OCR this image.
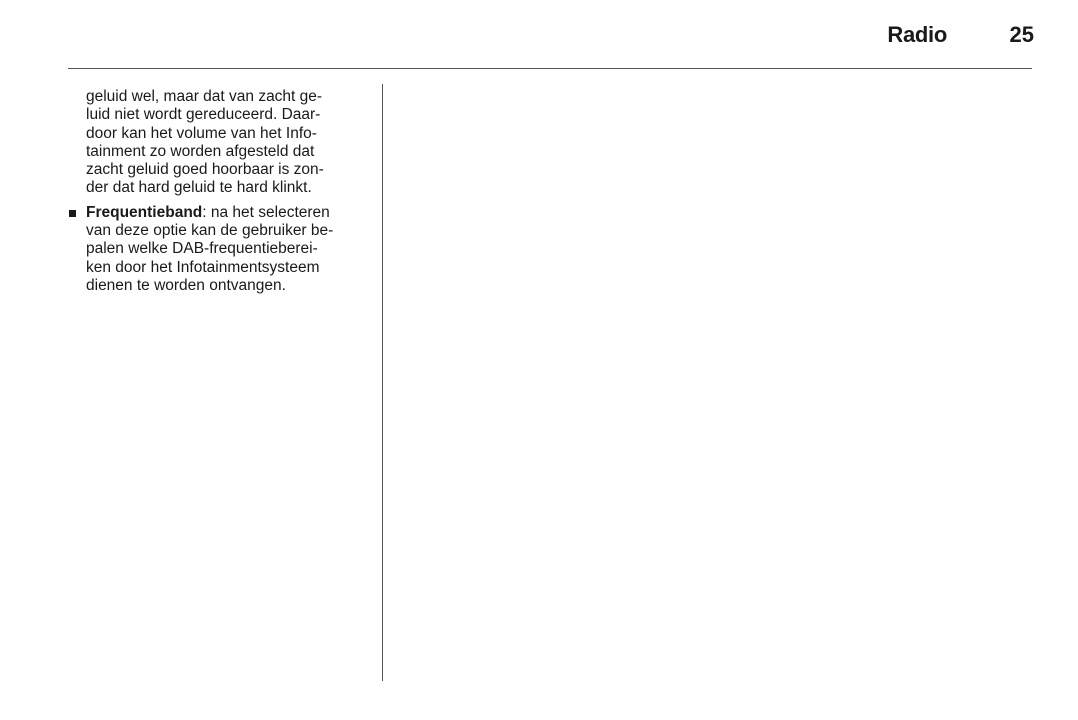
Radio	25

geluid wel, maar dat van zacht ge-
luid niet wordt gereduceerd. Daar-
door kan het volume van het Info-
tainment zo worden afgesteld dat
zacht geluid goed hoorbaar is zon-
der dat hard geluid te hard klinkt.

Frequentieband: na het selecteren
van deze optie kan de gebruiker be-
palen welke DAB-frequentieberei-
ken door het Infotainmentsysteem
dienen te worden ontvangen.
